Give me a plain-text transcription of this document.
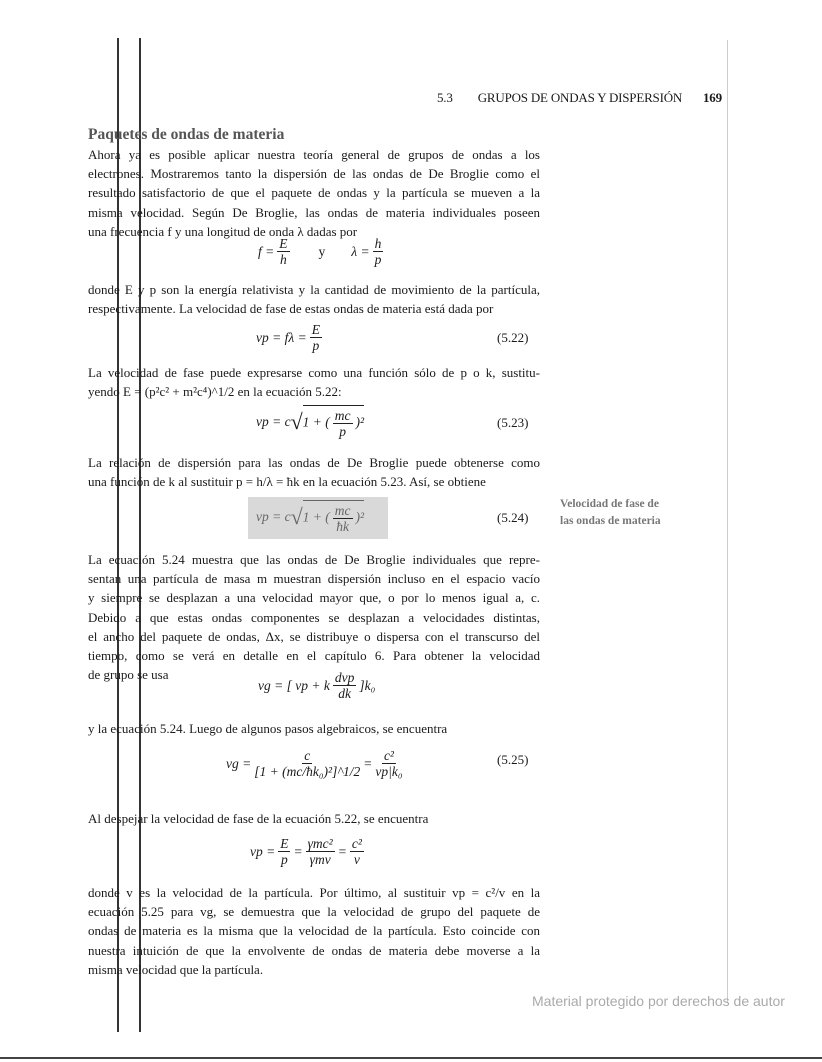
5.3 GRUPOS DE ONDAS Y DISPERSIÓN 169
Paquetes de ondas de materia
Ahora ya es posible aplicar nuestra teoría general de grupos de ondas a los
electrones. Mostraremos tanto la dispersión de las ondas de De Broglie como el
resultado satisfactorio de que el paquete de ondas y la partícula se mueven a la
misma velocidad. Según De Broglie, las ondas de materia individuales poseen
una frecuencia f y una longitud de onda λ dadas por
$f = \frac{E}{h}$ y $\lambda = \frac{h}{p}$
donde E y p son la energía relativista y la cantidad de movimiento de la partícula,
respectivamente. La velocidad de fase de estas ondas de materia está dada por
vp = $f\lambda = \frac{E}{p}$	(5.22)
La velocidad de fase puede expresarse como una función sólo de p o k, sustitu-
yendo E = (p²c² + m²c⁴)^1/2 en la ecuación 5.22:
vp = c √ 1 + ( $\frac{mc}{p} )^2$	(5.23)
La relación de dispersión para las ondas de De Broglie puede obtenerse como
una función de k al sustituir p = h/λ = ħk en la ecuación 5.23. Así, se obtiene
vp = c √ 1 + ( $\frac{mc}{ħk} )^2$	(5.24)
Velocidad de fase de
las ondas de materia
La ecuación 5.24 muestra que las ondas de De Broglie individuales que repre-
sentan una partícula de masa m muestran dispersión incluso en el espacio vacío
y siempre se desplazan a una velocidad mayor que, o por lo menos igual a, c.
Debido a que estas ondas componentes se desplazan a velocidades distintas,
el ancho del paquete de ondas, Δx, se distribuye o dispersa con el transcurso del
tiempo, como se verá en detalle en el capítulo 6. Para obtener la velocidad
de grupo se usa
vg = [ vp + k $\frac{\text{dvp}}{dk} ]k_0$
y la ecuación 5.24. Luego de algunos pasos algebraicos, se encuentra
vg = $\frac{c}{\text{[1 + (mc/ħk₀)²]\textasciicircum{}1/2}} = \frac{\text{c²}}{\text{vp|k₀}}$	(5.25)
Al despejar la velocidad de fase de la ecuación 5.22, se encuentra
vp = $\frac{E}{p} = \frac{\text{γmc²}}{\text{γmv}} = \frac{\text{c²}}{v}$
donde v es la velocidad de la partícula. Por último, al sustituir vp = c²/v en la
ecuación 5.25 para vg, se demuestra que la velocidad de grupo del paquete de
ondas de materia es la misma que la velocidad de la partícula. Esto coincide con
nuestra intuición de que la envolvente de ondas de materia debe moverse a la
misma velocidad que la partícula.
Material protegido por derechos de autor
